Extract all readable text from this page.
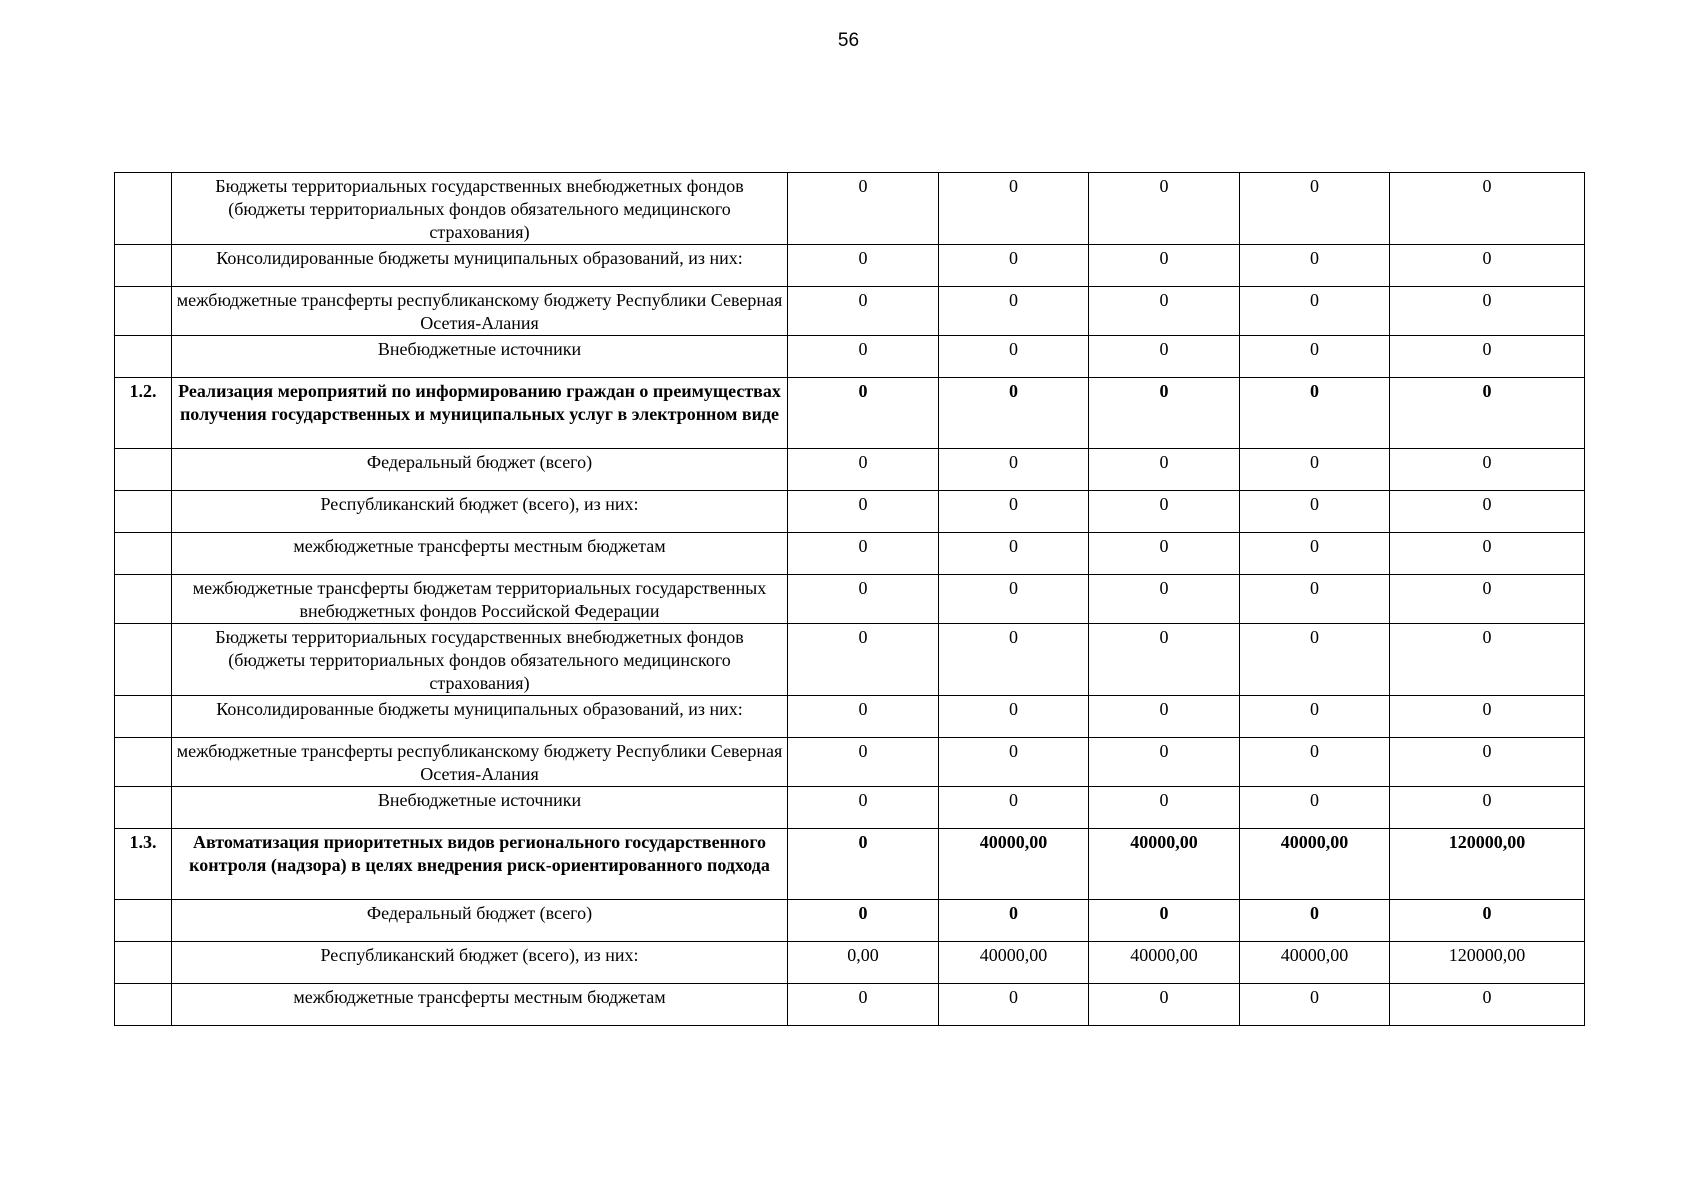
56
	Бюджеты территориальных государственных внебюджетных фондов (бюджеты территориальных фондов обязательного медицинского страхования)	0	0	0	0	0
	Консолидированные бюджеты муниципальных образований, из них:	0	0	0	0	0
	межбюджетные трансферты республиканскому бюджету Республики Северная Осетия-Алания	0	0	0	0	0
	Внебюджетные источники	0	0	0	0	0
1.2.	Реализация мероприятий по информированию граждан о преимуществах получения государственных и муниципальных услуг в электронном виде	0	0	0	0	0
	Федеральный бюджет (всего)	0	0	0	0	0
	Республиканский бюджет (всего), из них:	0	0	0	0	0
	межбюджетные трансферты местным бюджетам	0	0	0	0	0
	межбюджетные трансферты бюджетам территориальных государственных внебюджетных фондов Российской Федерации	0	0	0	0	0
	Бюджеты территориальных государственных внебюджетных фондов (бюджеты территориальных фондов обязательного медицинского страхования)	0	0	0	0	0
	Консолидированные бюджеты муниципальных образований, из них:	0	0	0	0	0
	межбюджетные трансферты республиканскому бюджету Республики Северная Осетия-Алания	0	0	0	0	0
	Внебюджетные источники	0	0	0	0	0
1.3.	Автоматизация приоритетных видов регионального государственного контроля (надзора) в целях внедрения риск-ориентированного подхода	0	40000,00	40000,00	40000,00	120000,00
	Федеральный бюджет (всего)	0	0	0	0	0
	Республиканский бюджет (всего), из них:	0,00	40000,00	40000,00	40000,00	120000,00
	межбюджетные трансферты местным бюджетам	0	0	0	0	0
